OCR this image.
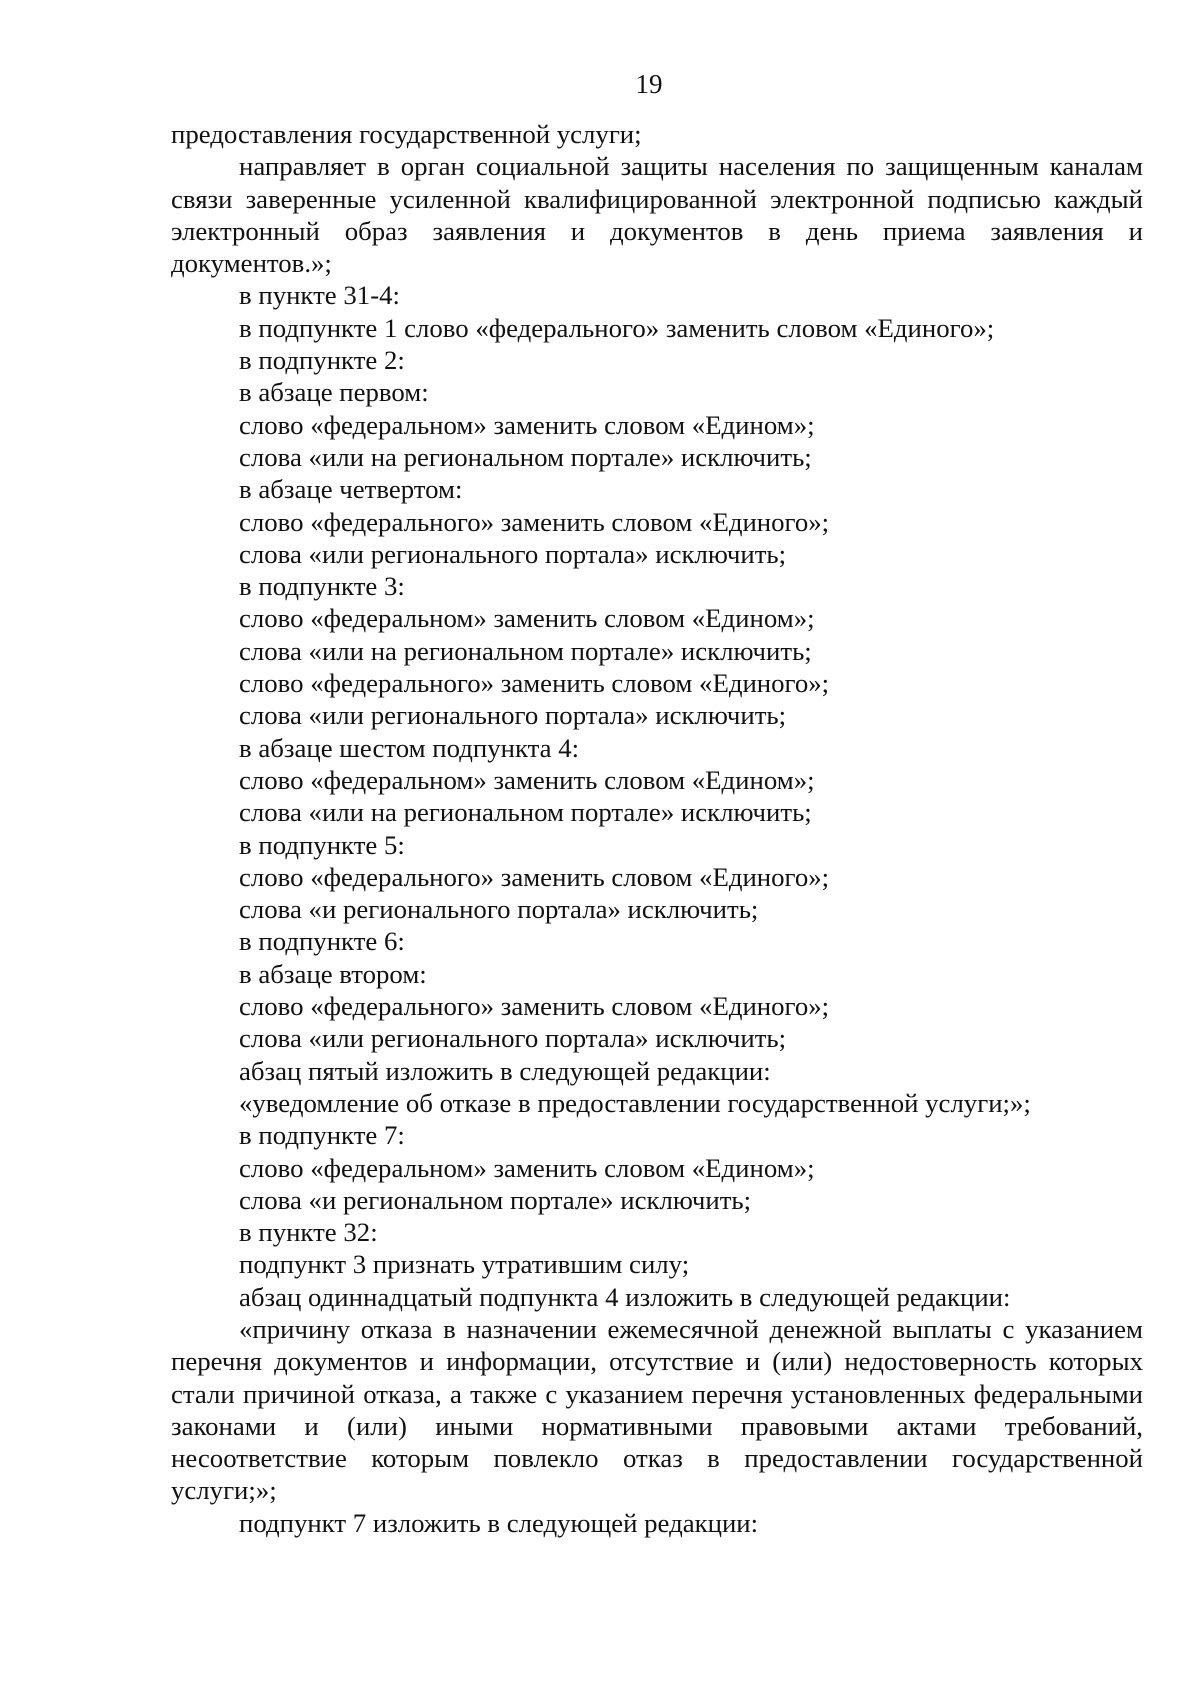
19

предоставления государственной услуги;

направляет в орган социальной защиты населения по защищенным каналам связи заверенные усиленной квалифицированной электронной подписью каждый электронный образ заявления и документов в день приема заявления и документов.»;

в пункте 31-4:

в подпункте 1 слово «федерального» заменить словом «Единого»;

в подпункте 2:

в абзаце первом:

слово «федеральном» заменить словом «Едином»;

слова «или на региональном портале» исключить;

в абзаце четвертом:

слово «федерального» заменить словом «Единого»;

слова «или регионального портала» исключить;

в подпункте 3:

слово «федеральном» заменить словом «Едином»;

слова «или на региональном портале» исключить;

слово «федерального» заменить словом «Единого»;

слова «или регионального портала» исключить;

в абзаце шестом подпункта 4:

слово «федеральном» заменить словом «Едином»;

слова «или на региональном портале» исключить;

в подпункте 5:

слово «федерального» заменить словом «Единого»;

слова «и регионального портала» исключить;

в подпункте 6:

в абзаце втором:

слово «федерального» заменить словом «Единого»;

слова «или регионального портала» исключить;

абзац пятый изложить в следующей редакции:

«уведомление об отказе в предоставлении государственной услуги;»;

в подпункте 7:

слово «федеральном» заменить словом «Едином»;

слова «и региональном портале» исключить;

в пункте 32:

подпункт 3 признать утратившим силу;

абзац одиннадцатый подпункта 4 изложить в следующей редакции:

«причину отказа в назначении ежемесячной денежной выплаты с указанием перечня документов и информации, отсутствие и (или) недостоверность которых стали причиной отказа, а также с указанием перечня установленных федеральными законами и (или) иными нормативными правовыми актами требований, несоответствие которым повлекло отказ в предоставлении государственной услуги;»;

подпункт 7 изложить в следующей редакции:
